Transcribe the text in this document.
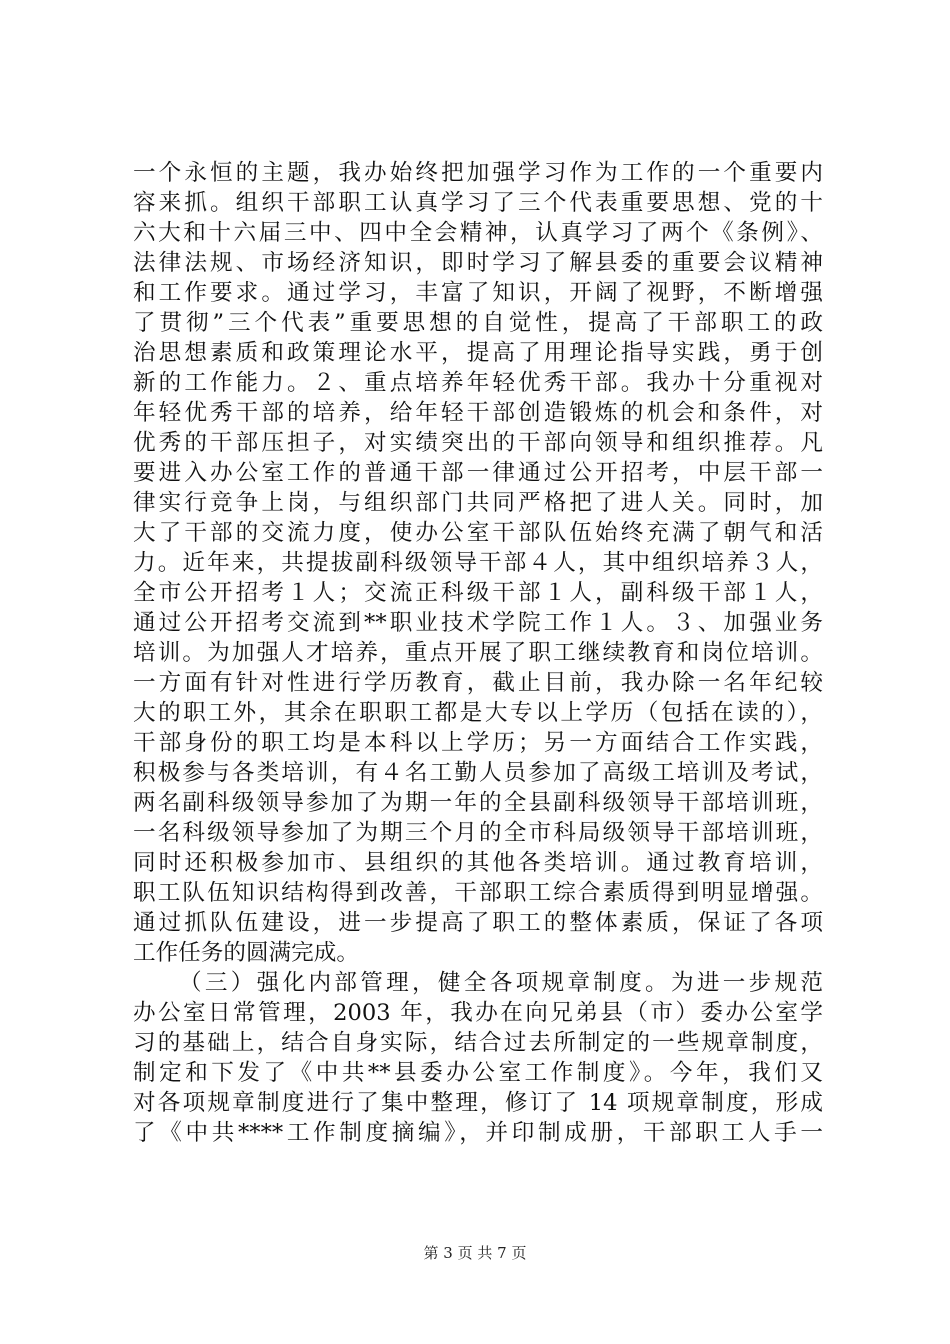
一个永恒的主题，我办始终把加强学习作为工作的一个重要内
容来抓。组织干部职工认真学习了三个代表重要思想、党的十
六大和十六届三中、四中全会精神，认真学习了两个《条例》、
法律法规、市场经济知识，即时学习了解县委的重要会议精神
和工作要求。通过学习，丰富了知识，开阔了视野，不断增强
了贯彻”三个代表”重要思想的自觉性，提高了干部职工的政
治思想素质和政策理论水平，提高了用理论指导实践，勇于创
新的工作能力。２、重点培养年轻优秀干部。我办十分重视对
年轻优秀干部的培养，给年轻干部创造锻炼的机会和条件，对
优秀的干部压担子，对实绩突出的干部向领导和组织推荐。凡
要进入办公室工作的普通干部一律通过公开招考，中层干部一
律实行竞争上岗，与组织部门共同严格把了进人关。同时，加
大了干部的交流力度，使办公室干部队伍始终充满了朝气和活
力。近年来，共提拔副科级领导干部４人，其中组织培养３人，
全市公开招考１人；交流正科级干部１人，副科级干部１人，
通过公开招考交流到**职业技术学院工作１人。３、加强业务
培训。为加强人才培养，重点开展了职工继续教育和岗位培训。
一方面有针对性进行学历教育，截止目前，我办除一名年纪较
大的职工外，其余在职职工都是大专以上学历（包括在读的），
干部身份的职工均是本科以上学历；另一方面结合工作实践，
积极参与各类培训，有４名工勤人员参加了高级工培训及考试，
两名副科级领导参加了为期一年的全县副科级领导干部培训班，
一名科级领导参加了为期三个月的全市科局级领导干部培训班，
同时还积极参加市、县组织的其他各类培训。通过教育培训，
职工队伍知识结构得到改善，干部职工综合素质得到明显增强。
通过抓队伍建设，进一步提高了职工的整体素质，保证了各项
工作任务的圆满完成。
（三）强化内部管理，健全各项规章制度。为进一步规范
办公室日常管理，2003 年，我办在向兄弟县（市）委办公室学
习的基础上，结合自身实际，结合过去所制定的一些规章制度，
制定和下发了《中共**县委办公室工作制度》。今年，我们又
对各项规章制度进行了集中整理，修订了 14 项规章制度，形成
了《中共****工作制度摘编》，并印制成册，干部职工人手一
第 3 页 共 7 页
